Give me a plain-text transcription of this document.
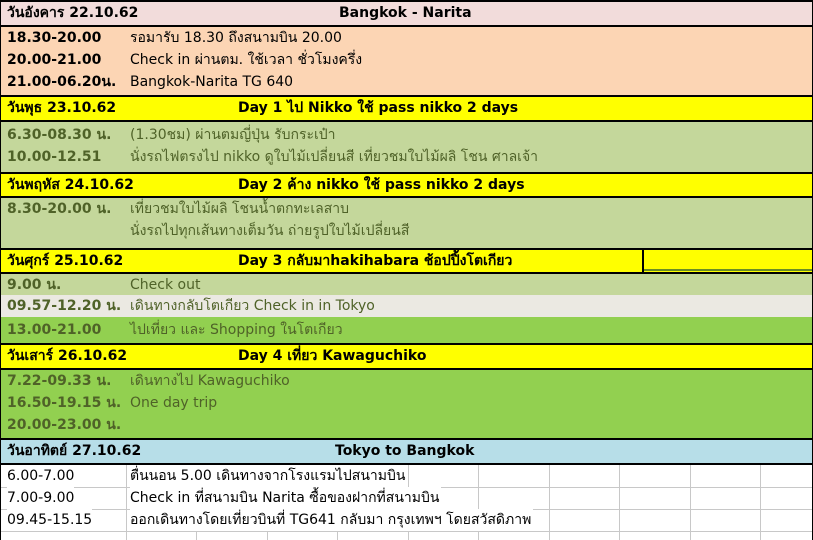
วันอังคาร 22.10.62	Bangkok - Narita
18.30-20.00 รอมารับ 18.30 ถึงสนามบิน 20.00
20.00-21.00 Check in ผ่านตม. ใช้เวลา ชั่วโมงครึ่ง
21.00-06.20น. Bangkok-Narita TG 640
วันพุธ 23.10.62	Day 1 ไป Nikko ใช้ pass nikko 2 days
6.30-08.30 น. (1.30ชม) ผ่านตมญี่ปุ่น รับกระเป๋า
10.00-12.51 นั่งรถไฟตรงไป nikko ดูใบไม้เปลี่ยนสี เที่ยวชมใบไม้ผลิ โชน ศาลเจ้า
วันพฤหัส 24.10.62	Day 2 ค้าง nikko ใช้ pass nikko 2 days
8.30-20.00 น. เที่ยวชมใบไม้ผลิ โชนน้ำตกทะเลสาบ
นั่งรถไปทุกเส้นทางเต็มวัน ถ่ายรูปใบไม้เปลี่ยนสี
วันศุกร์ 25.10.62	Day 3 กลับมาhakihabara ช้อปปิ้งโตเกียว
9.00 น.	Check out
09.57-12.20 น. เดินทางกลับโตเกียว Check in in Tokyo
13.00-21.00 ไปเที่ยว และ Shopping ในโตเกียว
วันเสาร์ 26.10.62	Day 4 เที่ยว Kawaguchiko
7.22-09.33 น. เดินทางไป Kawaguchiko
16.50-19.15 น. One day trip
20.00-23.00 น.
วันอาทิตย์ 27.10.62	Tokyo to Bangkok
6.00-7.00	ตื่นนอน 5.00 เดินทางจากโรงแรมไปสนามบิน
7.00-9.00	Check in ที่สนามบิน Narita ซื้อของฝากที่สนามบิน
09.45-15.15	ออกเดินทางโดยเที่ยวบินที่ TG641 กลับมา กรุงเทพฯ โดยสวัสดิภาพ
